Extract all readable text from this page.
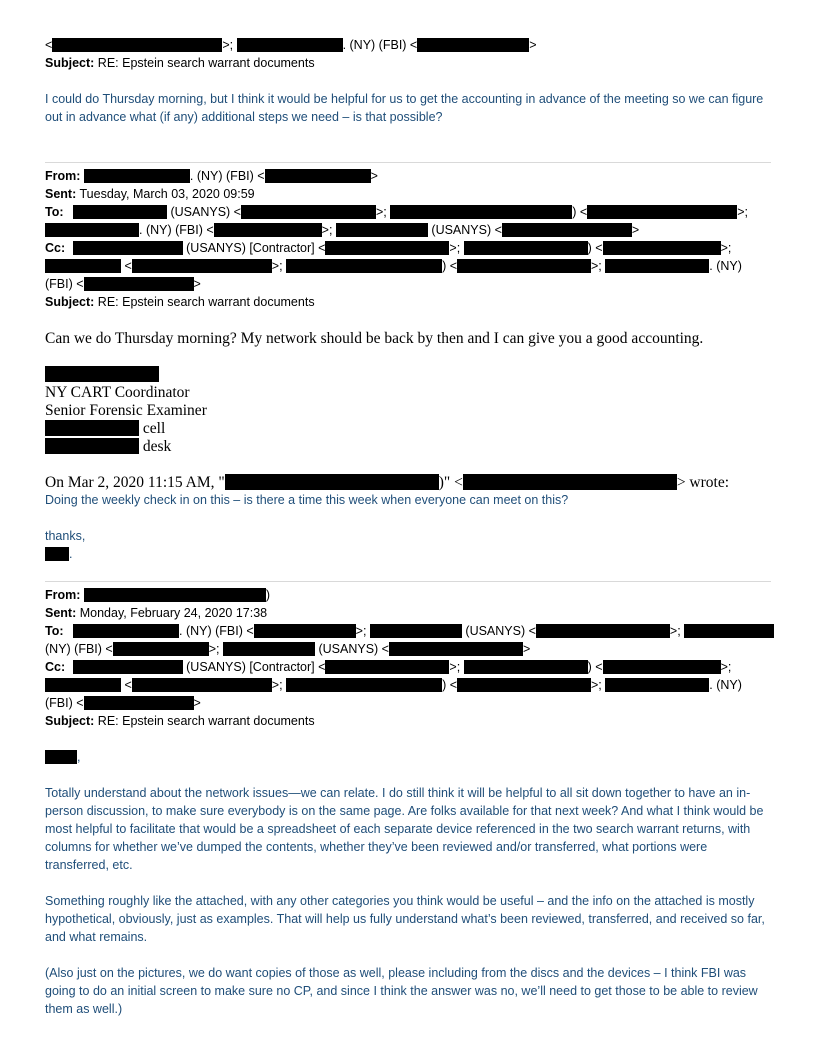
<	>;	. (NY) (FBI) <	>
Subject: RE: Epstein search warrant documents
I could do Thursday morning, but I think it would be helpful for us to get the accounting in advance of the meeting so we can figure out in advance what (if any) additional steps we need – is that possible?
From:	. (NY) (FBI) <	>
Sent: Tuesday, March 03, 2020 09:59
To:	(USANYS) <	>;	) <	>;
. (NY) (FBI) <	>;	(USANYS) <	>
Cc:	(USANYS) [Contractor] <	>;	) <	>;
<	>;	) <	>;	. (NY)
(FBI) <	>
Subject: RE: Epstein search warrant documents
Can we do Thursday morning? My network should be back by then and I can give you a good accounting.
NY CART Coordinator
Senior Forensic Examiner
cell
desk
On Mar 2, 2020 11:15 AM, "	)" <	> wrote:
Doing the weekly check in on this – is there a time this week when everyone can meet on this?
thanks,
.
From:	)
Sent: Monday, February 24, 2020 17:38
To:	. (NY) (FBI) <	>;	(USANYS) <	>;
(NY) (FBI) <	>;	(USANYS) <	>
Cc:	(USANYS) [Contractor] <	>;	) <	>;
<	>;	) <	>;	. (NY)
(FBI) <	>
Subject: RE: Epstein search warrant documents
,
Totally understand about the network issues—we can relate. I do still think it will be helpful to all sit down together to have an in-person discussion, to make sure everybody is on the same page. Are folks available for that next week? And what I think would be most helpful to facilitate that would be a spreadsheet of each separate device referenced in the two search warrant returns, with columns for whether we’ve dumped the contents, whether they’ve been reviewed and/or transferred, what portions were transferred, etc.
Something roughly like the attached, with any other categories you think would be useful – and the info on the attached is mostly hypothetical, obviously, just as examples. That will help us fully understand what’s been reviewed, transferred, and received so far, and what remains.
(Also just on the pictures, we do want copies of those as well, please including from the discs and the devices – I think FBI was going to do an initial screen to make sure no CP, and since I think the answer was no, we’ll need to get those to be able to review them as well.)
